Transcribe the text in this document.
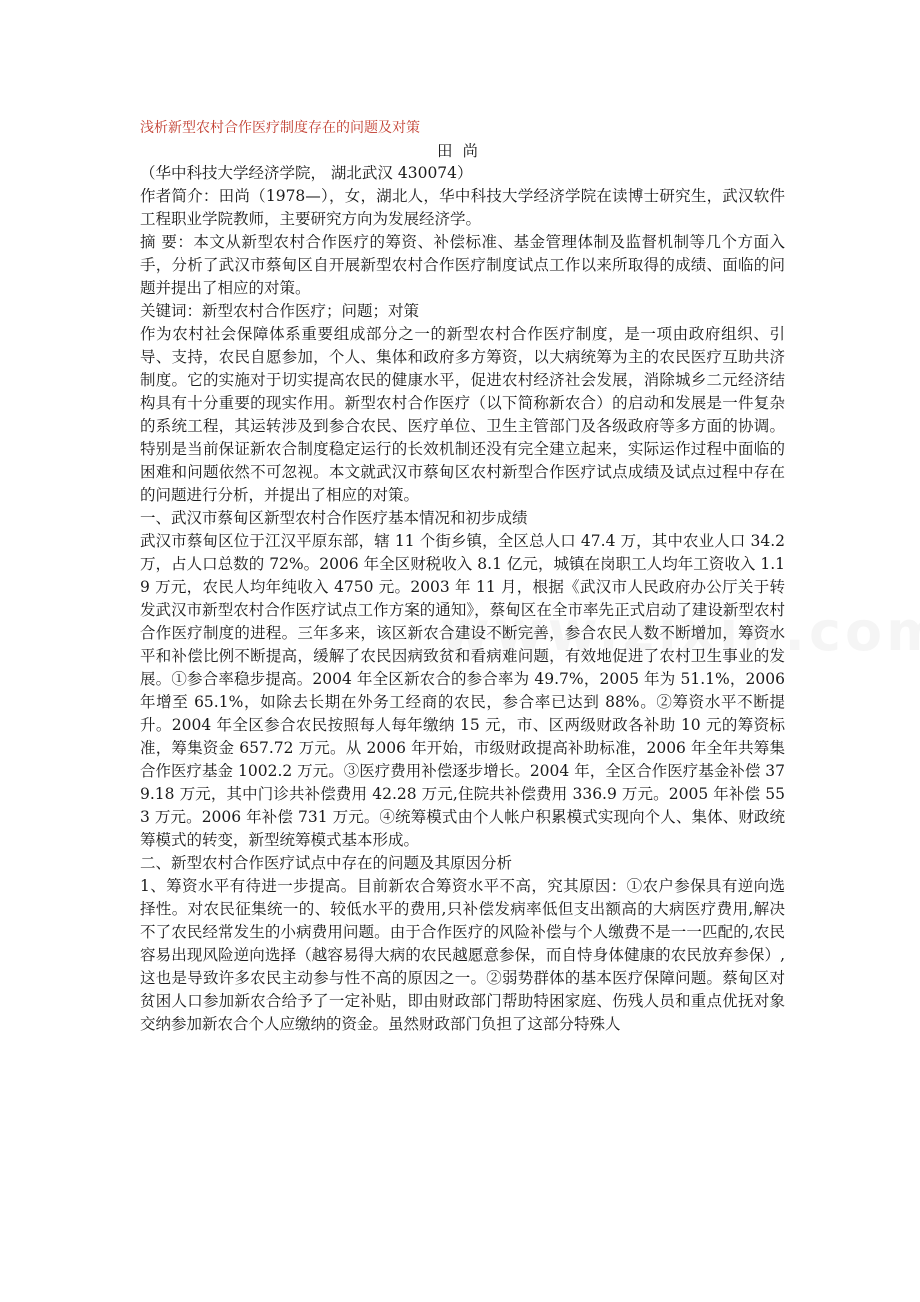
浅析新型农村合作医疗制度存在的问题及对策
田尚

（华中科技大学经济学院， 湖北武汉 430074）

作者简介：田尚（1978—），女，湖北人，华中科技大学经济学院在读博士研究生，武汉软件工程职业学院教师，主要研究方向为发展经济学。

摘 要：本文从新型农村合作医疗的筹资、补偿标准、基金管理体制及监督机制等几个方面入手，分析了武汉市蔡甸区自开展新型农村合作医疗制度试点工作以来所取得的成绩、面临的问题并提出了相应的对策。

关键词：新型农村合作医疗；问题；对策

作为农村社会保障体系重要组成部分之一的新型农村合作医疗制度，是一项由政府组织、引导、支持，农民自愿参加，个人、集体和政府多方筹资，以大病统筹为主的农民医疗互助共济制度。它的实施对于切实提高农民的健康水平，促进农村经济社会发展，消除城乡二元经济结构具有十分重要的现实作用。新型农村合作医疗（以下简称新农合）的启动和发展是一件复杂的系统工程，其运转涉及到参合农民、医疗单位、卫生主管部门及各级政府等多方面的协调。特别是当前保证新农合制度稳定运行的长效机制还没有完全建立起来，实际运作过程中面临的困难和问题依然不可忽视。本文就武汉市蔡甸区农村新型合作医疗试点成绩及试点过程中存在的问题进行分析，并提出了相应的对策。

一、武汉市蔡甸区新型农村合作医疗基本情况和初步成绩

武汉市蔡甸区位于江汉平原东部，辖 11 个街乡镇，全区总人口 47.4 万，其中农业人口 34.2 万，占人口总数的 72%。2006 年全区财税收入 8.1 亿元，城镇在岗职工人均年工资收入 1.19 万元，农民人均年纯收入 4750 元。2003 年 11 月，根据《武汉市人民政府办公厅关于转发武汉市新型农村合作医疗试点工作方案的通知》，蔡甸区在全市率先正式启动了建设新型农村合作医疗制度的进程。三年多来，该区新农合建设不断完善，参合农民人数不断增加，筹资水平和补偿比例不断提高，缓解了农民因病致贫和看病难问题，有效地促进了农村卫生事业的发展。①参合率稳步提高。2004 年全区新农合的参合率为 49.7%，2005 年为 51.1%，2006 年增至 65.1%，如除去长期在外务工经商的农民，参合率已达到 88%。②筹资水平不断提升。2004 年全区参合农民按照每人每年缴纳 15 元，市、区两级财政各补助 10 元的筹资标准，筹集资金 657.72 万元。从 2006 年开始，市级财政提高补助标准，2006 年全年共筹集合作医疗基金 1002.2 万元。③医疗费用补偿逐步增长。2004 年，全区合作医疗基金补偿 379.18 万元，其中门诊共补偿费用 42.28 万元,住院共补偿费用 336.9 万元。2005 年补偿 553 万元。2006 年补偿 731 万元。④统筹模式由个人帐户积累模式实现向个人、集体、财政统筹模式的转变，新型统筹模式基本形成。

二、新型农村合作医疗试点中存在的问题及其原因分析

1、筹资水平有待进一步提高。目前新农合筹资水平不高，究其原因：①农户参保具有逆向选择性。对农民征集统一的、较低水平的费用,只补偿发病率低但支出额高的大病医疗费用,解决不了农民经常发生的小病费用问题。由于合作医疗的风险补偿与个人缴费不是一一匹配的,农民容易出现风险逆向选择（越容易得大病的农民越愿意参保，而自恃身体健康的农民放弃参保）,这也是导致许多农民主动参与性不高的原因之一。②弱势群体的基本医疗保障问题。蔡甸区对贫困人口参加新农合给予了一定补贴，即由财政部门帮助特困家庭、伤残人员和重点优抚对象交纳参加新农合个人应缴纳的资金。虽然财政部门负担了这部分特殊人
